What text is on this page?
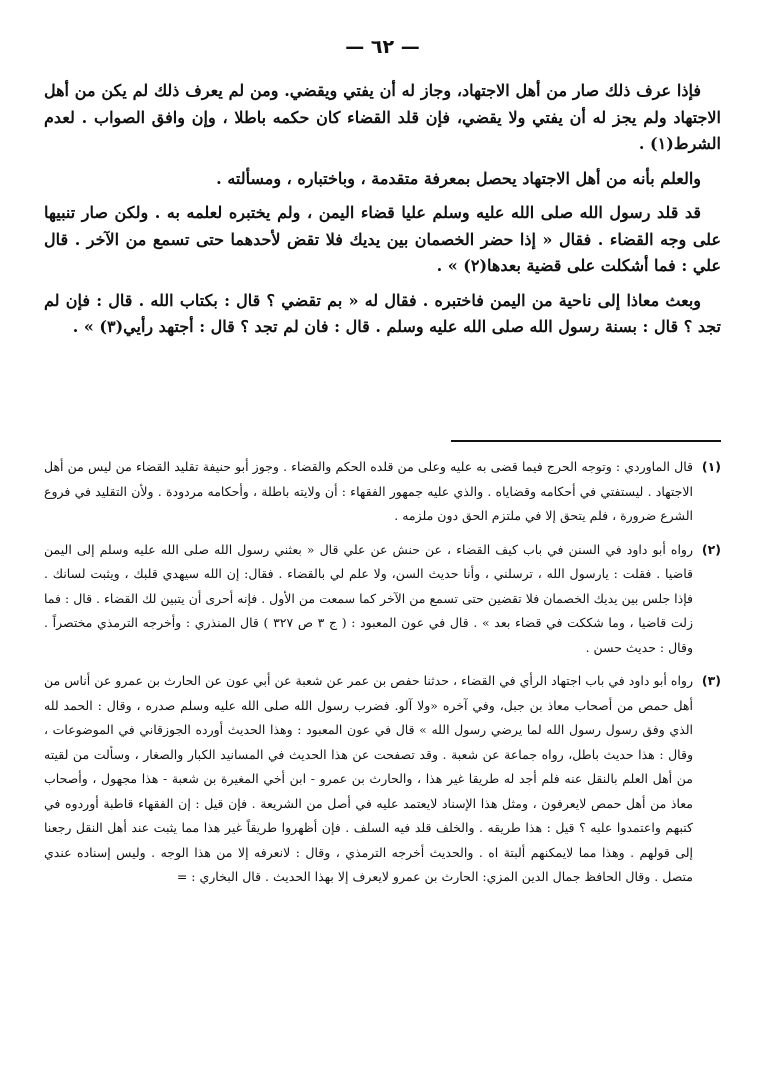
— ٦٢ —

فإذا عرف ذلك صار من أهل الاجتهاد، وجاز له أن يفتي ويقضي. ومن لم يعرف ذلك لم يكن من أهل الاجتهاد ولم يجز له أن يفتي ولا يقضي، فإن قلد القضاء كان حكمه باطلا ، وإن وافق الصواب . لعدم الشرط(١) .

والعلم بأنه من أهل الاجتهاد يحصل بمعرفة متقدمة ، وباختباره ، ومسألته .

قد قلد رسول الله صلى الله عليه وسلم عليا قضاء اليمن ، ولم يختبره لعلمه به . ولكن صار تنبيها على وجه القضاء . فقال « إذا حضر الخصمان بين يديك فلا تقض لأحدهما حتى تسمع من الآخر . قال علي : فما أشكلت على قضية بعدها(٢) » .

وبعث معاذا إلى ناحية من اليمن فاختبره . فقال له « بم تقضي ؟ قال : بكتاب الله . قال : فإن لم تجد ؟ قال : بسنة رسول الله صلى الله عليه وسلم . قال : فان لم تجد ؟ قال : أجتهد رأيي(٣) » .

(١)
قال الماوردي : وتوجه الحرج فيما قضى به عليه وعلى من قلده الحكم والقضاء . وجوز أبو حنيفة تقليد القضاء من ليس من أهل الاجتهاد . ليستفتي في أحكامه وقضاياه . والذي عليه جمهور الفقهاء : أن ولايته باطلة ، وأحكامه مردودة . ولأن التقليد في فروع الشرع ضرورة ، فلم يتحق إلا في ملتزم الحق دون ملزمه .
(٢)
رواه أبو داود في السنن في باب كيف القضاء ، عن حنش عن علي قال « بعثني رسول الله صلى الله عليه وسلم إلى اليمن قاضيا . فقلت : يارسول الله ، ترسلني ، وأنا حديث السن، ولا علم لي بالقضاء . فقال: إن الله سيهدي قلبك ، ويثبت لسانك . فإذا جلس بين يديك الخصمان فلا تقضين حتى تسمع من الآخر كما سمعت من الأول . فإنه أحرى أن يتبين لك القضاء . قال : فما زلت قاضيا ، وما شككت في قضاء بعد » . قال في عون المعبود : ( ج ٣ ص ٣٢٧ ) قال المنذري : وأخرجه الترمذي مختصراً . وقال : حديث حسن .
(٣)
رواه أبو داود في باب اجتهاد الرأي في القضاء ، حدثنا حفص بن عمر عن شعبة عن أبي عون عن الحارث بن عمرو عن أناس من أهل حمص من أصحاب معاذ بن جبل، وفي آخره «ولا آلو. فضرب رسول الله صلى الله عليه وسلم صدره ، وقال : الحمد لله الذي وفق رسول رسول الله لما يرضي رسول الله » قال في عون المعبود : وهذا الحديث أورده الجوزقاني في الموضوعات ، وقال : هذا حديث باطل، رواه جماعة عن شعبة . وقد تصفحت عن هذا الحديث في المسانيد الكبار والصغار ، وسألت من لقيته من أهل العلم بالنقل عنه فلم أجد له طريقا غير هذا ، والحارث بن عمرو - ابن أخي المغيرة بن شعبة - هذا مجهول ، وأصحاب معاذ من أهل حمص لايعرفون ، ومثل هذا الإسناد لايعتمد عليه في أصل من الشريعة . فإن قيل : إن الفقهاء قاطبة أوردوه في كتبهم واعتمدوا عليه ؟ قيل : هذا طريقه . والخلف قلد فيه السلف . فإن أظهروا طريقاً غير هذا مما يثبت عند أهل النقل رجعنا إلى قولهم . وهذا مما لايمكنهم ألبتة اه . والحديث أخرجه الترمذي ، وقال : لانعرفه إلا من هذا الوجه . وليس إسناده عندي متصل . وقال الحافظ جمال الدين المزي: الحارث بن عمرو لايعرف إلا بهذا الحديث . قال البخاري : =
